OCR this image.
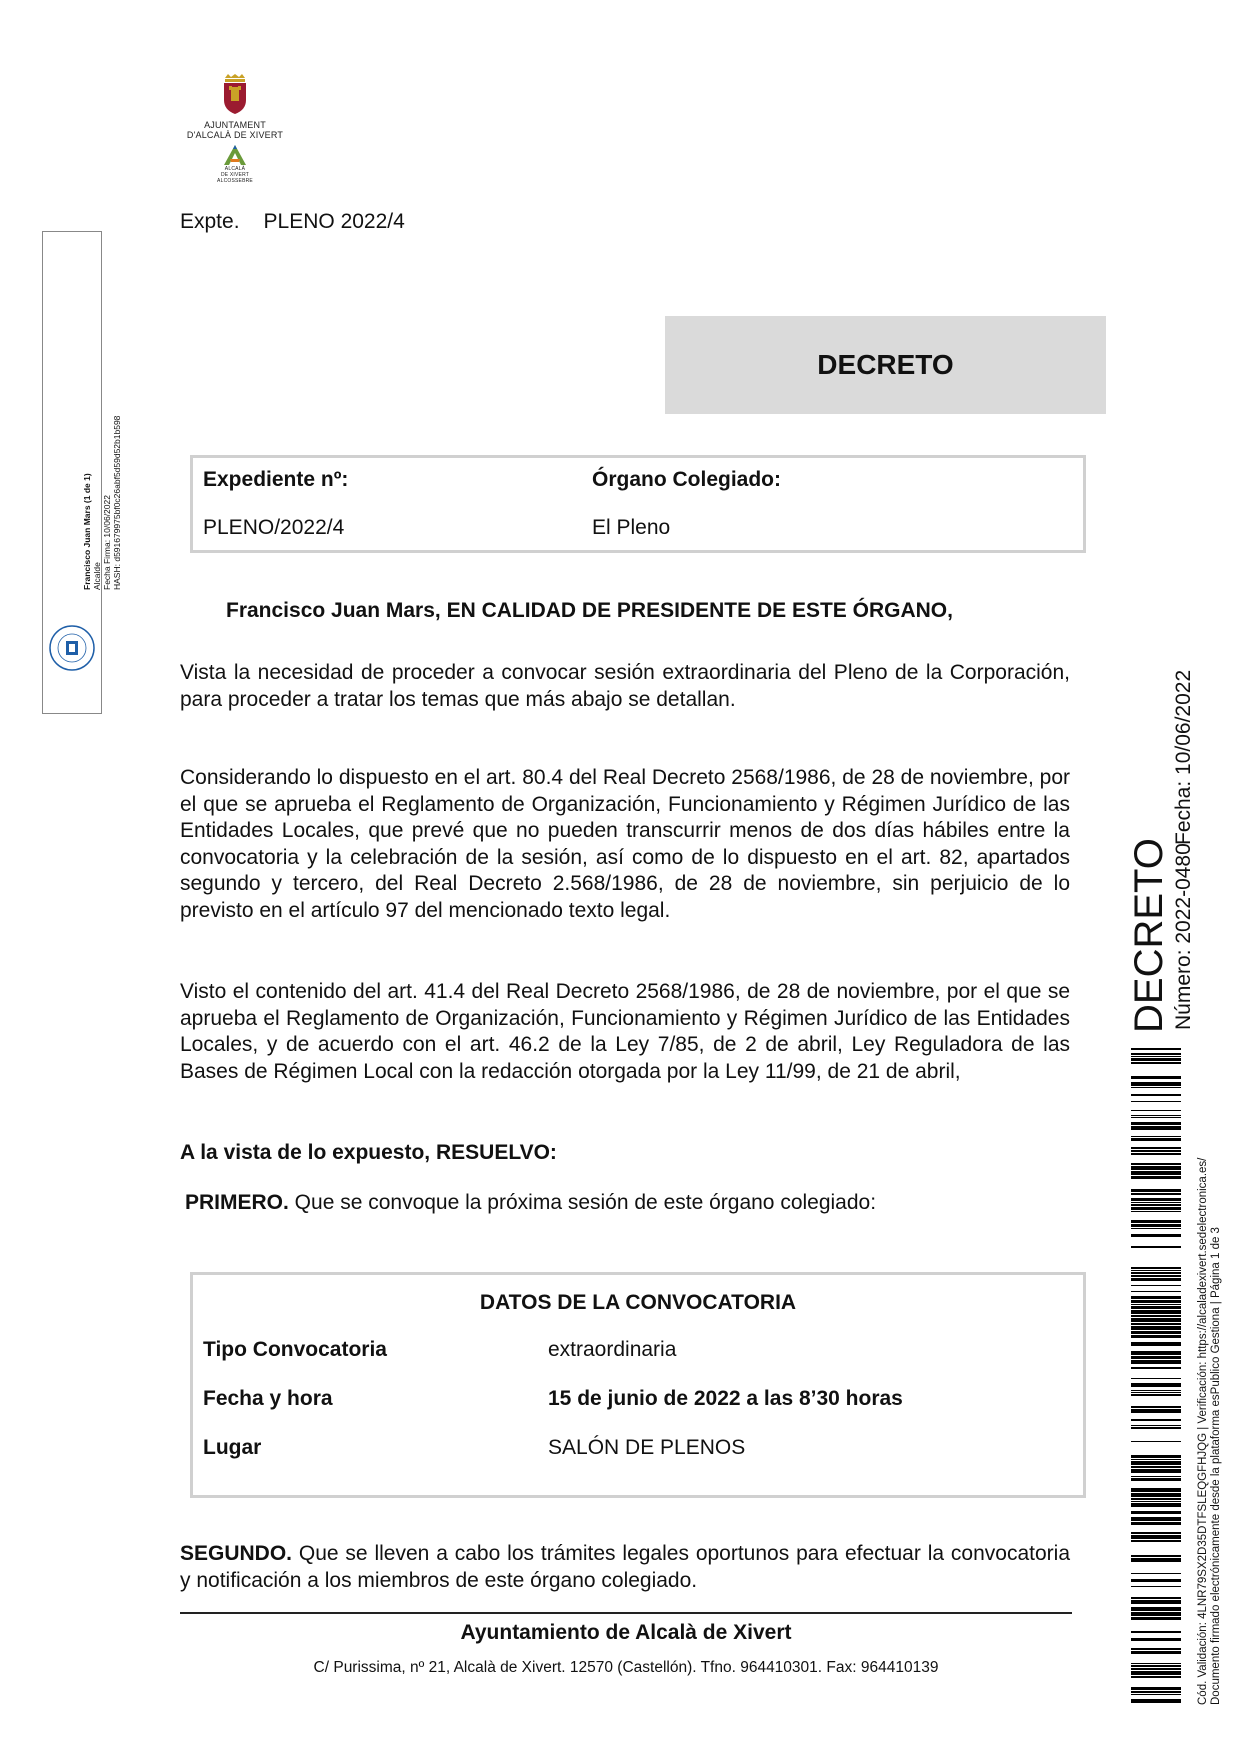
AJUNTAMENT
D'ALCALÀ DE XIVERT
ALCALÀ
DE XIVERT
ALCOSSEBRE
Expte. PLENO 2022/4
DECRETO
Expediente nº:	Órgano Colegiado:
PLENO/2022/4	El Pleno
Francisco Juan Mars, EN CALIDAD DE PRESIDENTE DE ESTE ÓRGANO,

Vista la necesidad de proceder a convocar sesión extraordinaria del Pleno de la Corporación, para proceder a tratar los temas que más abajo se detallan.

Considerando lo dispuesto en el art. 80.4 del Real Decreto 2568/1986, de 28 de noviembre, por el que se aprueba el Reglamento de Organización, Funcionamiento y Régimen Jurídico de las Entidades Locales, que prevé que no pueden transcurrir menos de dos días hábiles entre la convocatoria y la celebración de la sesión, así como de lo dispuesto en el art. 82, apartados segundo y tercero, del Real Decreto 2.568/1986, de 28 de noviembre, sin perjuicio de lo previsto en el artículo 97 del mencionado texto legal.

Visto el contenido del art. 41.4 del Real Decreto 2568/1986, de 28 de noviembre, por el que se aprueba el Reglamento de Organización, Funcionamiento y Régimen Jurídico de las Entidades Locales, y de acuerdo con el art. 46.2 de la Ley 7/85, de 2 de abril, Ley Reguladora de las Bases de Régimen Local con la redacción otorgada por la Ley 11/99, de 21 de abril,

A la vista de lo expuesto, RESUELVO:

PRIMERO. Que se convoque la próxima sesión de este órgano colegiado:

DATOS DE LA CONVOCATORIA
Tipo Convocatoria	extraordinaria
Fecha y hora	15 de junio de 2022 a las 8’30 horas
Lugar	SALÓN DE PLENOS

SEGUNDO. Que se lleven a cabo los trámites legales oportunos para efectuar la convocatoria y notificación a los miembros de este órgano colegiado.

Ayuntamiento de Alcalà de Xivert
C/ Purissima, nº 21, Alcalà de Xivert. 12570 (Castellón). Tfno. 964410301. Fax: 964410139
Francisco Juan Mars (1 de 1) Alcalde Fecha Firma: 10/06/2022 HASH: d591679975bf0c26abf5d59d52b1b598
DECRETO Número: 2022-0480
Fecha: 10/06/2022
Cód. Validación: 4LNR79SX2D35DTFSLEQGFHJQG | Verificación: https://alcaladexivert.sedelectronica.es/ Documento firmado electrónicamente desde la plataforma esPublico Gestiona | Página 1 de 3
